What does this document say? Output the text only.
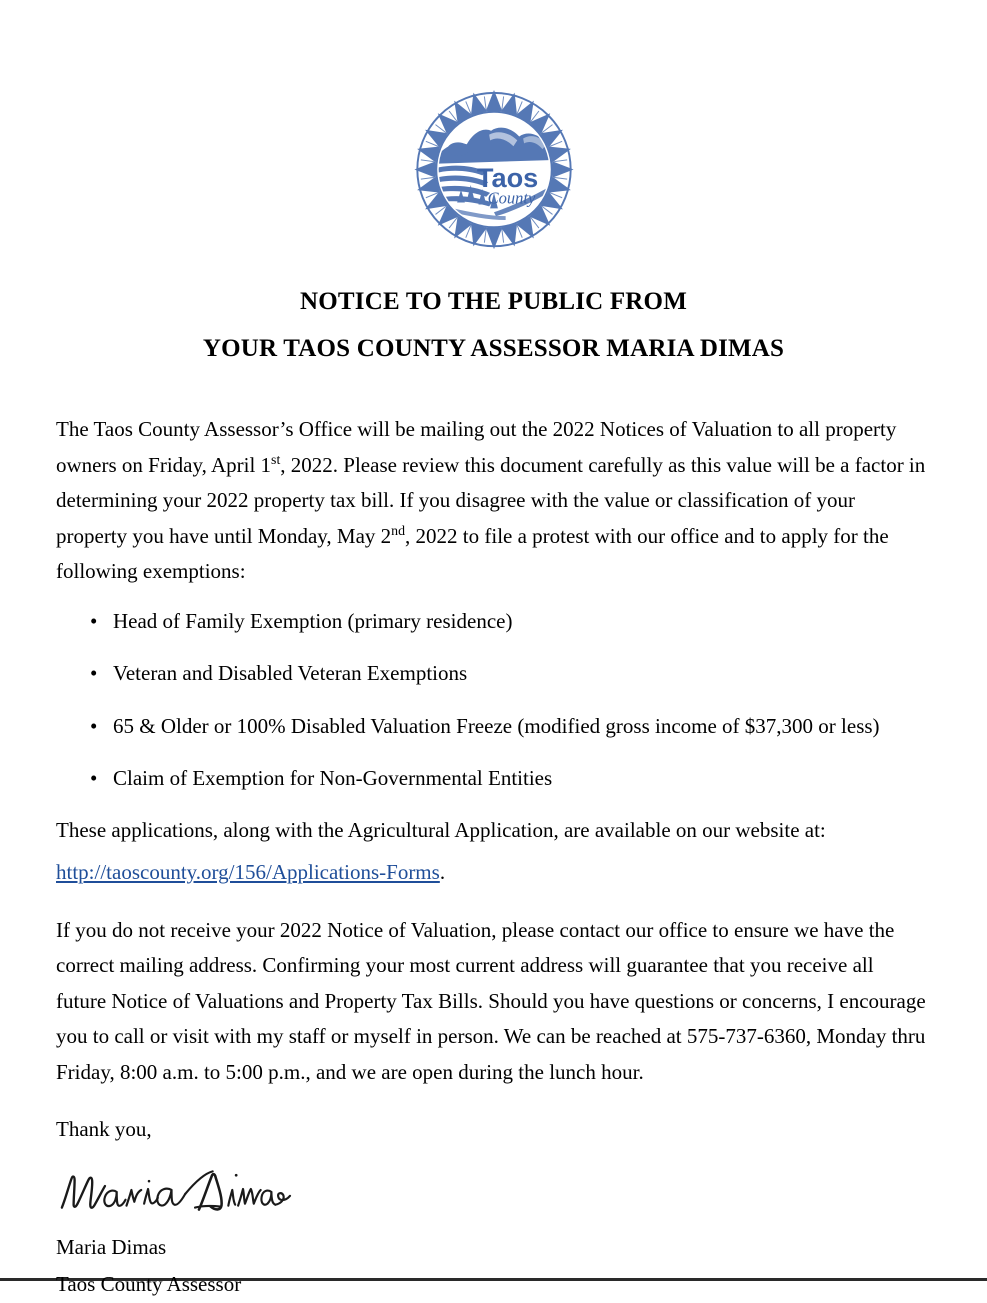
Taos
County
NOTICE TO THE PUBLIC FROM
YOUR TAOS COUNTY ASSESSOR MARIA DIMAS

The Taos County Assessor’s Office will be mailing out the 2022 Notices of Valuation to all property owners on Friday, April 1st, 2022. Please review this document carefully as this value will be a factor in determining your 2022 property tax bill. If you disagree with the value or classification of your property you have until Monday, May 2nd, 2022 to file a protest with our office and to apply for the following exemptions:

• Head of Family Exemption (primary residence)
• Veteran and Disabled Veteran Exemptions
• 65 & Older or 100% Disabled Valuation Freeze (modified gross income of $37,300 or less)
• Claim of Exemption for Non-Governmental Entities

These applications, along with the Agricultural Application, are available on our website at:

http://taoscounty.org/156/Applications-Forms.

If you do not receive your 2022 Notice of Valuation, please contact our office to ensure we have the correct mailing address. Confirming your most current address will guarantee that you receive all future Notice of Valuations and Property Tax Bills. Should you have questions or concerns, I encourage you to call or visit with my staff or myself in person. We can be reached at 575-737-6360, Monday thru Friday, 8:00 a.m. to 5:00 p.m., and we are open during the lunch hour.

Thank you,

Maria Dimas

Taos County Assessor
